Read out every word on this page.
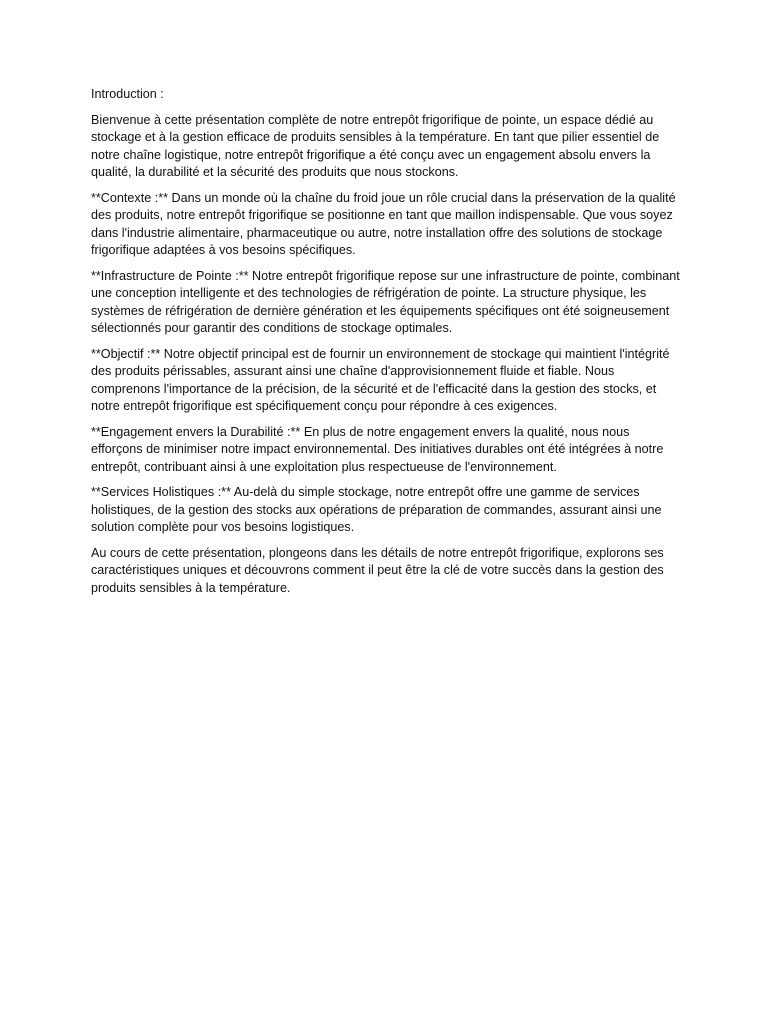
Introduction :

Bienvenue à cette présentation complète de notre entrepôt frigorifique de pointe, un espace dédié au stockage et à la gestion efficace de produits sensibles à la température. En tant que pilier essentiel de notre chaîne logistique, notre entrepôt frigorifique a été conçu avec un engagement absolu envers la qualité, la durabilité et la sécurité des produits que nous stockons.

**Contexte :** Dans un monde où la chaîne du froid joue un rôle crucial dans la préservation de la qualité des produits, notre entrepôt frigorifique se positionne en tant que maillon indispensable. Que vous soyez dans l'industrie alimentaire, pharmaceutique ou autre, notre installation offre des solutions de stockage frigorifique adaptées à vos besoins spécifiques.

**Infrastructure de Pointe :** Notre entrepôt frigorifique repose sur une infrastructure de pointe, combinant une conception intelligente et des technologies de réfrigération de pointe. La structure physique, les systèmes de réfrigération de dernière génération et les équipements spécifiques ont été soigneusement sélectionnés pour garantir des conditions de stockage optimales.

**Objectif :** Notre objectif principal est de fournir un environnement de stockage qui maintient l'intégrité des produits périssables, assurant ainsi une chaîne d'approvisionnement fluide et fiable. Nous comprenons l'importance de la précision, de la sécurité et de l'efficacité dans la gestion des stocks, et notre entrepôt frigorifique est spécifiquement conçu pour répondre à ces exigences.

**Engagement envers la Durabilité :** En plus de notre engagement envers la qualité, nous nous efforçons de minimiser notre impact environnemental. Des initiatives durables ont été intégrées à notre entrepôt, contribuant ainsi à une exploitation plus respectueuse de l'environnement.

**Services Holistiques :** Au-delà du simple stockage, notre entrepôt offre une gamme de services holistiques, de la gestion des stocks aux opérations de préparation de commandes, assurant ainsi une solution complète pour vos besoins logistiques.

Au cours de cette présentation, plongeons dans les détails de notre entrepôt frigorifique, explorons ses caractéristiques uniques et découvrons comment il peut être la clé de votre succès dans la gestion des produits sensibles à la température.
